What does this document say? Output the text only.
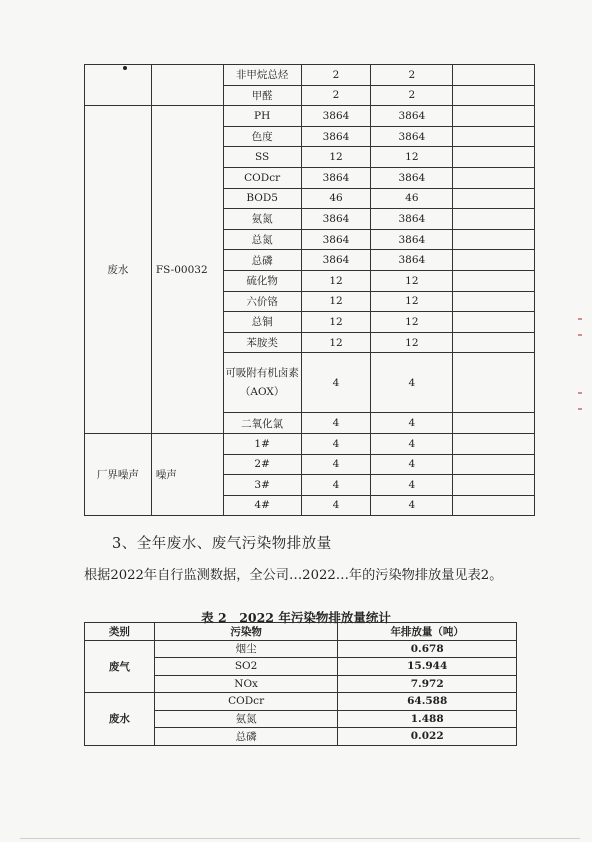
		非甲烷总烃	2	2	
		甲醛	2	2	
废水	FS-00032	PH	3864	3864	
		色度	3864	3864	
		SS	12	12	
		CODcr	3864	3864	
		BOD5	46	46	
		氨氮	3864	3864	
		总氮	3864	3864	
		总磷	3864	3864	
		硫化物	12	12	
		六价铬	12	12	
		总铜	12	12	
		苯胺类	12	12	
		可吸附有机卤素（AOX）	4	4	
		二氧化氯	4	4	
厂界噪声	噪声	1#	4	4	
		2#	4	4	
		3#	4	4	
		4#	4	4	
3、全年废水、废气污染物排放量
根据2022年自行监测数据，全公司…2022…年的污染物排放量见表2。
表 2　2022 年污染物排放量统计
类别	污染物	年排放量（吨）
废气	烟尘	0.678
	SO2	15.944
	NOx	7.972
废水	CODcr	64.588
	氨氮	1.488
	总磷	0.022
